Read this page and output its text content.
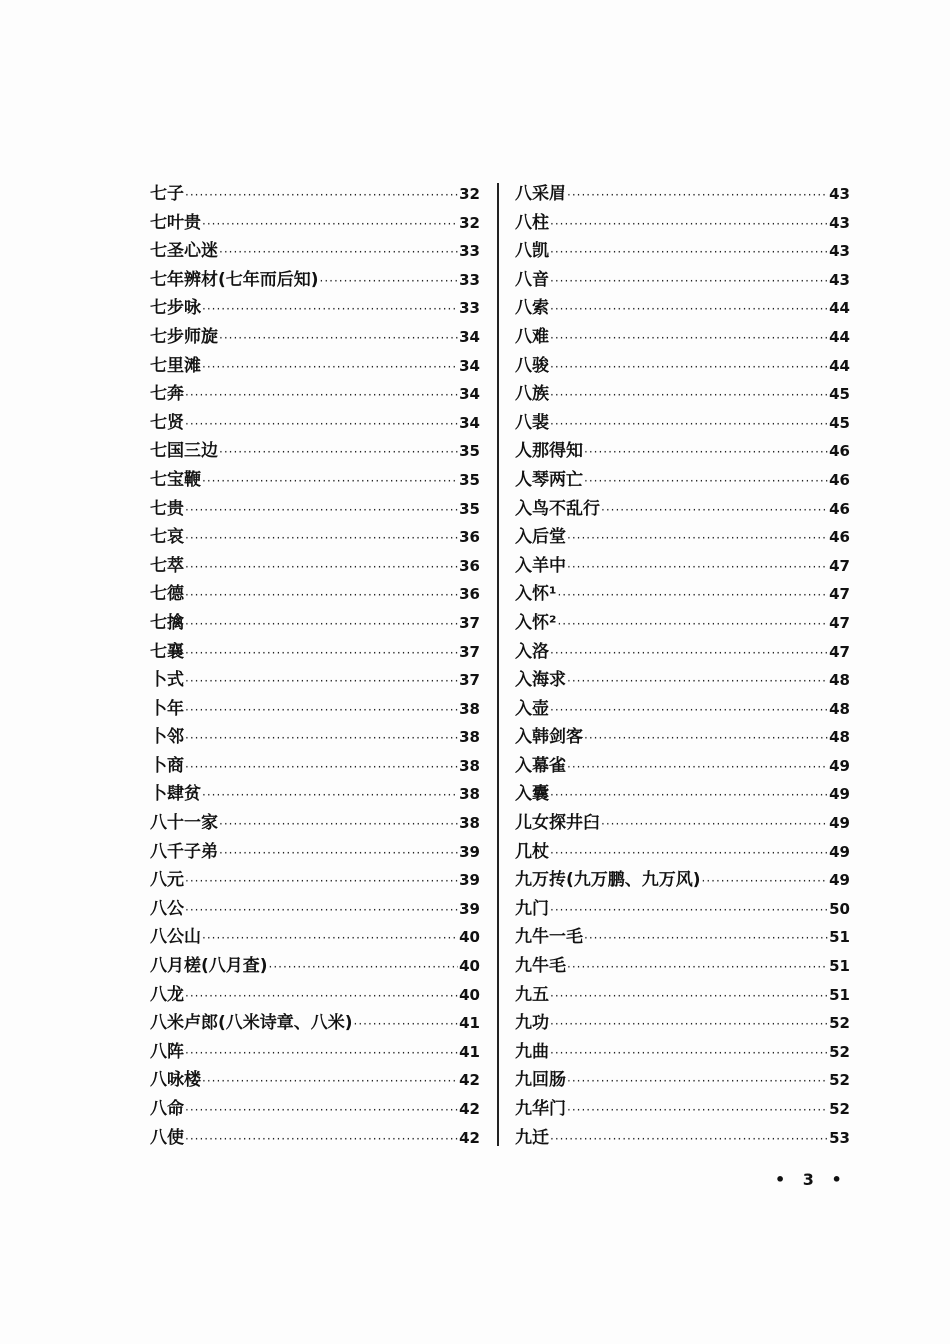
七子 ·····	32
七叶贵 ·····	32
七圣心迷 ·····	33
七年辨材(七年而后知) ·····	33
七步咏 ·····	33
七步师旋 ·····	34
七里滩 ·····	34
七奔 ·····	34
七贤 ·····	34
七国三边 ·····	35
七宝鞭 ·····	35
七贵 ·····	35
七哀 ·····	36
七萃 ·····	36
七德 ·····	36
七擒 ·····	37
七襄 ·····	37
卜式 ·····	37
卜年 ·····	38
卜邻 ·····	38
卜商 ·····	38
卜肆贫 ·····	38
八十一家 ·····	38
八千子弟 ·····	39
八元 ·····	39
八公 ·····	39
八公山 ·····	40
八月槎(八月査) ·····	40
八龙 ·····	40
八米卢郎(八米诗章、八米) ·····	41
八阵 ·····	41
八咏楼 ·····	42
八命 ·····	42
八使 ·····	42
八采眉 ·····	43
八柱 ·····	43
八凯 ·····	43
八音 ·····	43
八索 ·····	44
八难 ·····	44
八骏 ·····	44
八族 ·····	45
八裴 ·····	45
人那得知 ·····	46
人琴两亡 ·····	46
入鸟不乱行 ·····	46
入后堂 ·····	46
入羊中 ·····	47
入怀¹ ·····	47
入怀² ·····	47
入洛 ·····	47
入海求 ·····	48
入壶 ·····	48
入韩剑客 ·····	48
入幕雀 ·····	49
入囊 ·····	49
儿女探井臼 ·····	49
几杖 ·····	49
九万抟(九万鹏、九万风) ·····	49
九门 ·····	50
九牛一毛 ·····	51
九牛毛 ·····	51
九五 ·····	51
九功 ·····	52
九曲 ·····	52
九回肠 ·····	52
九华门 ·····	52
九迁 ·····	53
• 3 •
